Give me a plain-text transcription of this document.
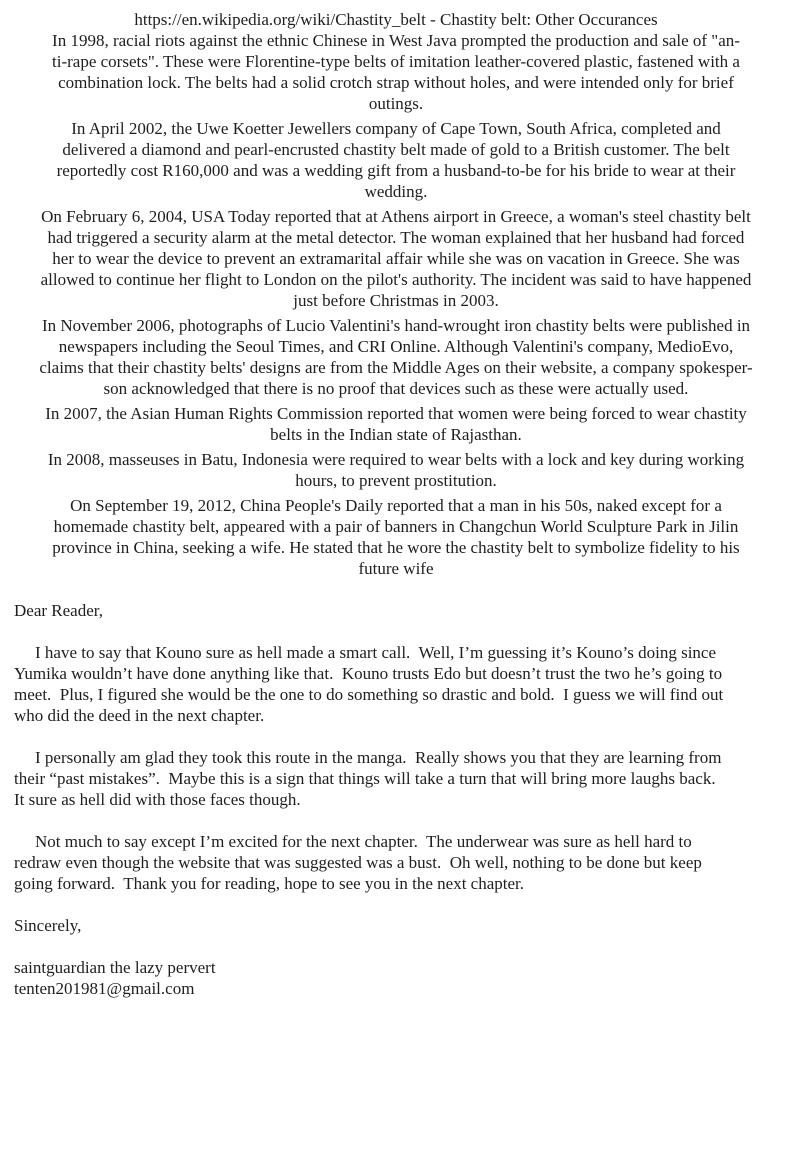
https://en.wikipedia.org/wiki/Chastity_belt - Chastity belt: Other Occurances
In 1998, racial riots against the ethnic Chinese in West Java prompted the production and sale of "an-
ti-rape corsets". These were Florentine-type belts of imitation leather-covered plastic, fastened with a
combination lock. The belts had a solid crotch strap without holes, and were intended only for brief
outings.
In April 2002, the Uwe Koetter Jewellers company of Cape Town, South Africa, completed and
delivered a diamond and pearl-encrusted chastity belt made of gold to a British customer. The belt
reportedly cost R160,000 and was a wedding gift from a husband-to-be for his bride to wear at their
wedding.
On February 6, 2004, USA Today reported that at Athens airport in Greece, a woman's steel chastity belt
had triggered a security alarm at the metal detector. The woman explained that her husband had forced
her to wear the device to prevent an extramarital affair while she was on vacation in Greece. She was
allowed to continue her flight to London on the pilot's authority. The incident was said to have happened
just before Christmas in 2003.
In November 2006, photographs of Lucio Valentini's hand-wrought iron chastity belts were published in
newspapers including the Seoul Times, and CRI Online. Although Valentini's company, MedioEvo,
claims that their chastity belts' designs are from the Middle Ages on their website, a company spokesper-
son acknowledged that there is no proof that devices such as these were actually used.
In 2007, the Asian Human Rights Commission reported that women were being forced to wear chastity
belts in the Indian state of Rajasthan.
In 2008, masseuses in Batu, Indonesia were required to wear belts with a lock and key during working
hours, to prevent prostitution.
On September 19, 2012, China People's Daily reported that a man in his 50s, naked except for a
homemade chastity belt, appeared with a pair of banners in Changchun World Sculpture Park in Jilin
province in China, seeking a wife. He stated that he wore the chastity belt to symbolize fidelity to his
future wife
Dear Reader,
I have to say that Kouno sure as hell made a smart call.  Well, I’m guessing it’s Kouno’s doing since
Yumika wouldn’t have done anything like that.  Kouno trusts Edo but doesn’t trust the two he’s going to
meet.  Plus, I figured she would be the one to do something so drastic and bold.  I guess we will find out
who did the deed in the next chapter.
I personally am glad they took this route in the manga.  Really shows you that they are learning from
their “past mistakes”.  Maybe this is a sign that things will take a turn that will bring more laughs back.
It sure as hell did with those faces though.
Not much to say except I’m excited for the next chapter.  The underwear was sure as hell hard to
redraw even though the website that was suggested was a bust.  Oh well, nothing to be done but keep
going forward.  Thank you for reading, hope to see you in the next chapter.
Sincerely,
saintguardian the lazy pervert
tenten201981@gmail.com
